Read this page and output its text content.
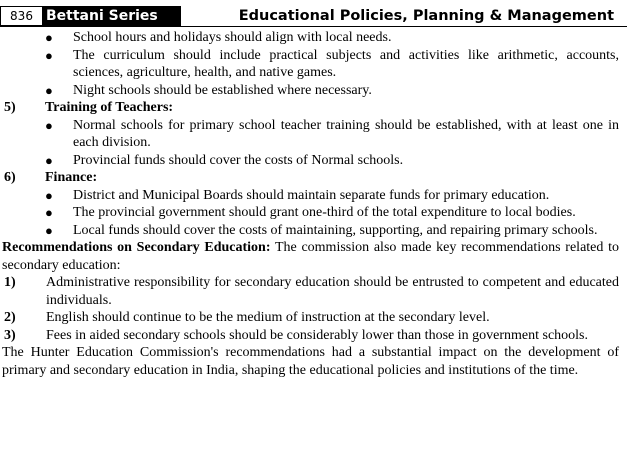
836 Bettani Series	Educational Policies, Planning & Management
● School hours and holidays should align with local needs.
● The curriculum should include practical subjects and activities like arithmetic, accounts, sciences, agriculture, health, and native games.
● Night schools should be established where necessary.
5) Training of Teachers:
● Normal schools for primary school teacher training should be established, with at least one in each division.
● Provincial funds should cover the costs of Normal schools.
6) Finance:
● District and Municipal Boards should maintain separate funds for primary education.
● The provincial government should grant one-third of the total expenditure to local bodies.
● Local funds should cover the costs of maintaining, supporting, and repairing primary schools.
Recommendations on Secondary Education: The commission also made key recommendations related to secondary education:
1) Administrative responsibility for secondary education should be entrusted to competent and educated individuals.
2) English should continue to be the medium of instruction at the secondary level.
3) Fees in aided secondary schools should be considerably lower than those in government schools.
The Hunter Education Commission's recommendations had a substantial impact on the development of primary and secondary education in India, shaping the educational policies and institutions of the time.
